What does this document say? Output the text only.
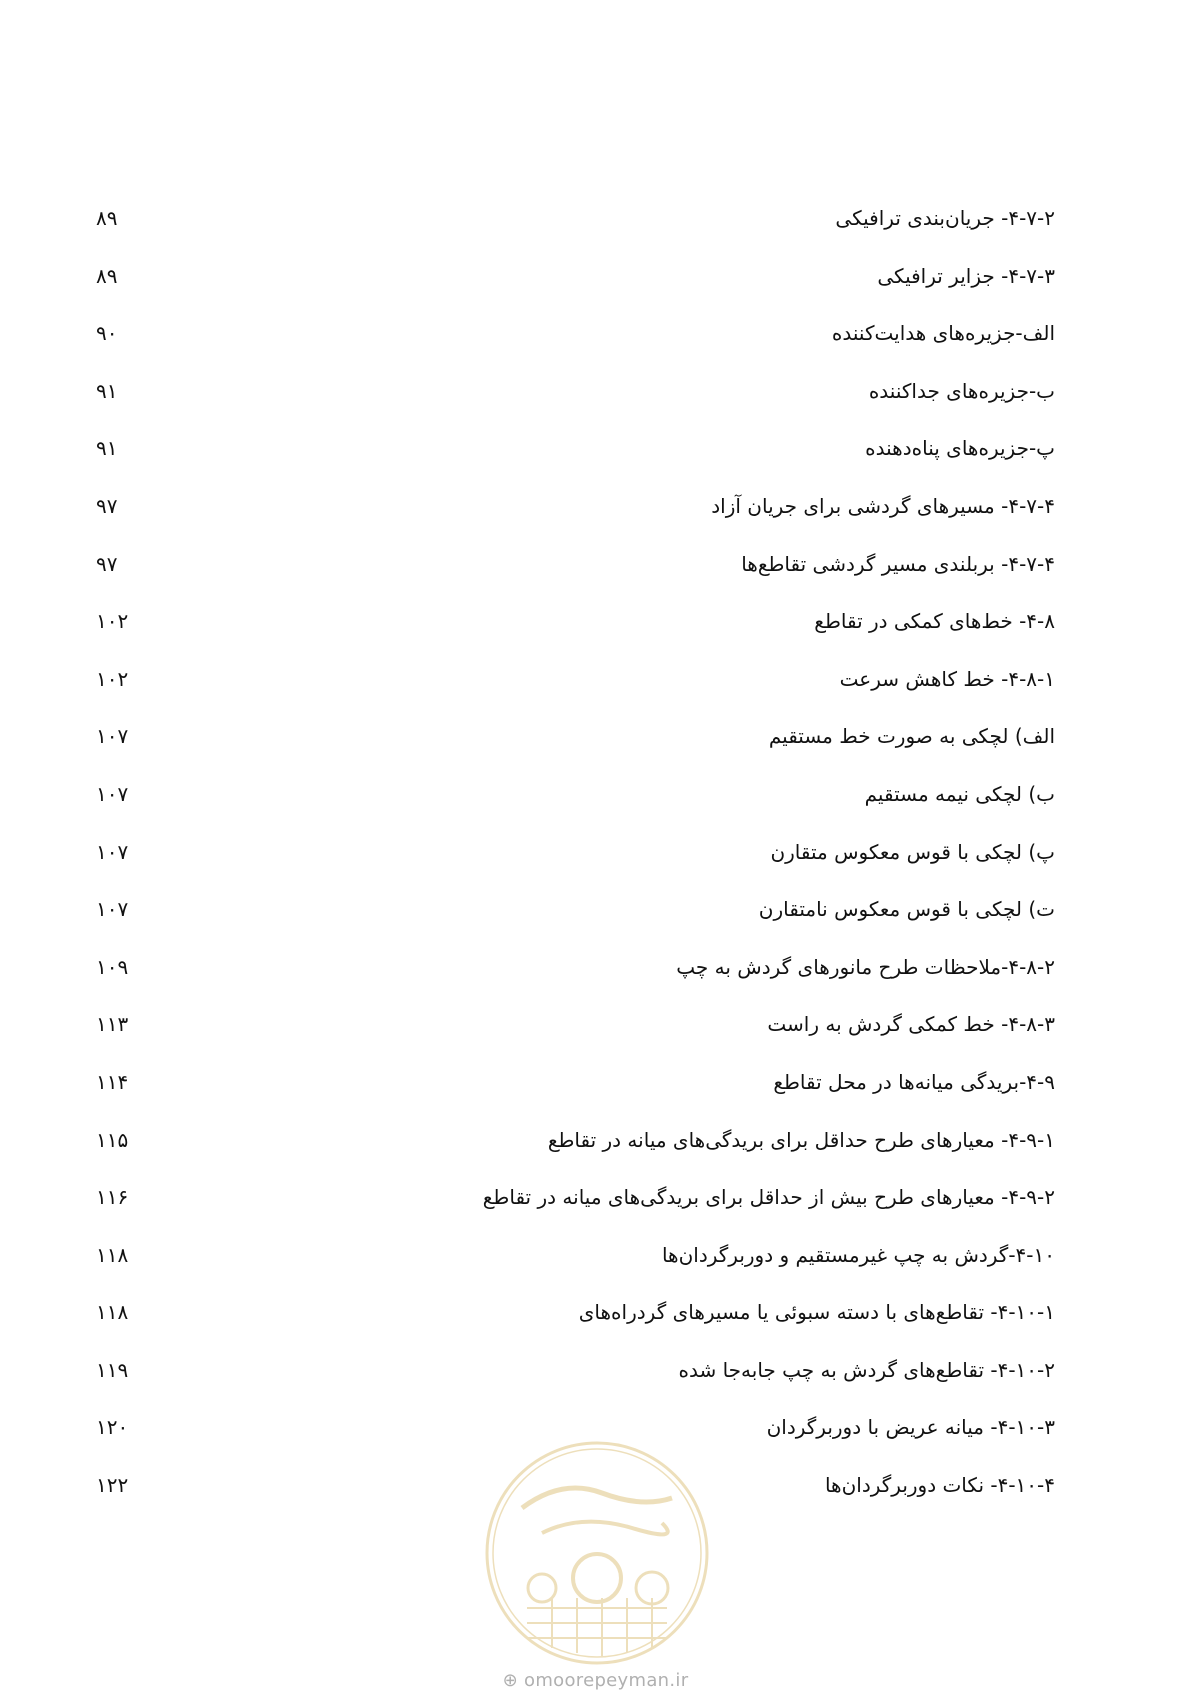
۴-۷-۲- جریان‌بندی ترافیکی
۸۹
۴-۷-۳- جزایر ترافیکی
۸۹
الف-جزیره‌های هدایت‌کننده
۹۰
ب-جزیره‌های جداکننده
۹۱
پ-جزیره‌های پناه‌دهنده
۹۱
۴-۷-۴- مسیرهای گردشی برای جریان آزاد
۹۷
۴-۷-۴- بربلندی مسیر گردشی تقاطع‌ها
۹۷
۴-۸- خط‌های کمکی در تقاطع
۱۰۲
۴-۸-۱- خط کاهش سرعت
۱۰۲
الف) لچکی به صورت خط مستقیم
۱۰۷
ب) لچکی نیمه مستقیم
۱۰۷
پ) لچکی با قوس معکوس متقارن
۱۰۷
ت) لچکی با قوس معکوس نامتقارن
۱۰۷
۴-۸-۲-ملاحظات طرح مانورهای گردش به چپ
۱۰۹
۴-۸-۳- خط کمکی گردش به راست
۱۱۳
۴-۹-بریدگی میانه‌ها در محل تقاطع
۱۱۴
۴-۹-۱- معیارهای طرح حداقل برای بریدگی‌های میانه در تقاطع
۱۱۵
۴-۹-۲- معیارهای طرح بیش از حداقل برای بریدگی‌های میانه در تقاطع
۱۱۶
۴-۱۰-گردش به چپ غیرمستقیم و دوربرگردان‌ها
۱۱۸
۴-۱۰-۱- تقاطع‌های با دسته سبوئی یا مسیرهای گردراه‌های
۱۱۸
۴-۱۰-۲- تقاطع‌های گردش به چپ جابه‌جا شده
۱۱۹
۴-۱۰-۳- میانه عریض با دوربرگردان
۱۲۰
۴-۱۰-۴- نکات دوربرگردان‌ها
۱۲۲
⊕ omoorepeyman.ir
